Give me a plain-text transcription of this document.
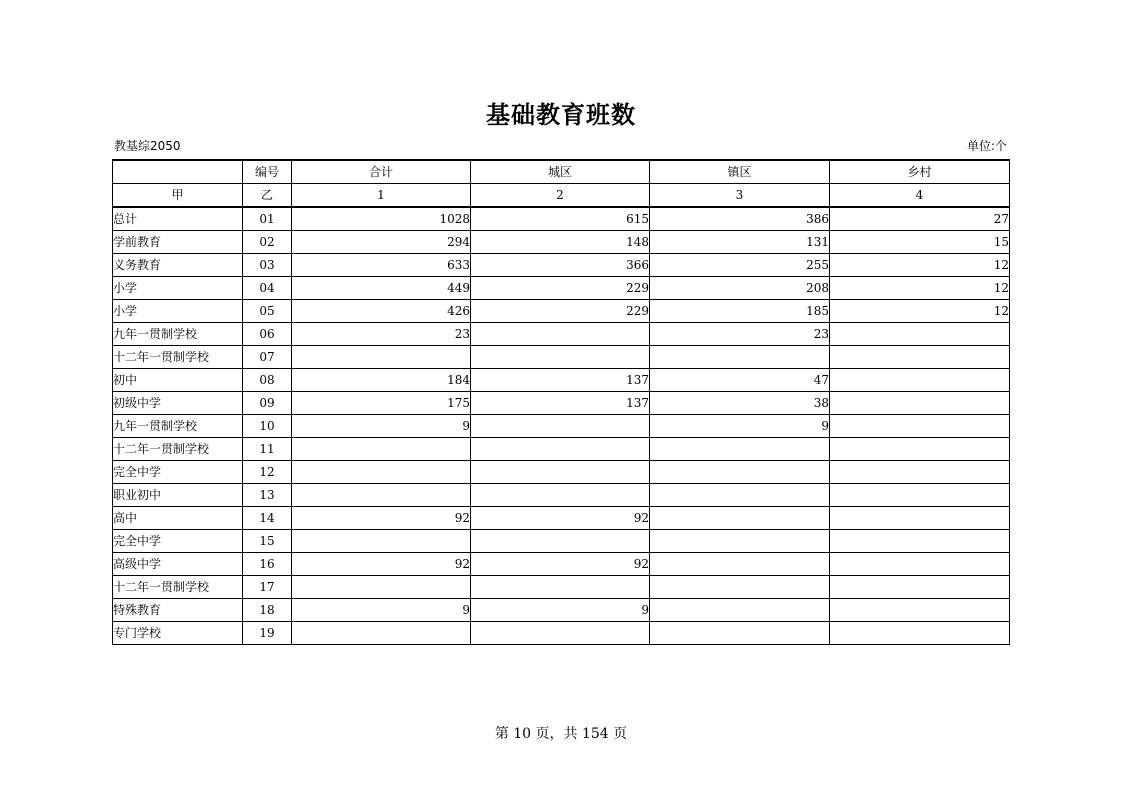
基础教育班数
教基综2050	单位:个
	编号	合计	城区	镇区	乡村
甲	乙	1	2	3	4
总计	01	1028	615	386	27
学前教育	02	294	148	131	15
义务教育	03	633	366	255	12
小学	04	449	229	208	12
小学	05	426	229	185	12
九年一贯制学校	06	23		23	
十二年一贯制学校	07				
初中	08	184	137	47	
初级中学	09	175	137	38	
九年一贯制学校	10	9		9	
十二年一贯制学校	11				
完全中学	12				
职业初中	13				
高中	14	92	92		
完全中学	15				
高级中学	16	92	92		
十二年一贯制学校	17				
特殊教育	18	9	9		
专门学校	19				
第 10 页，共 154 页
